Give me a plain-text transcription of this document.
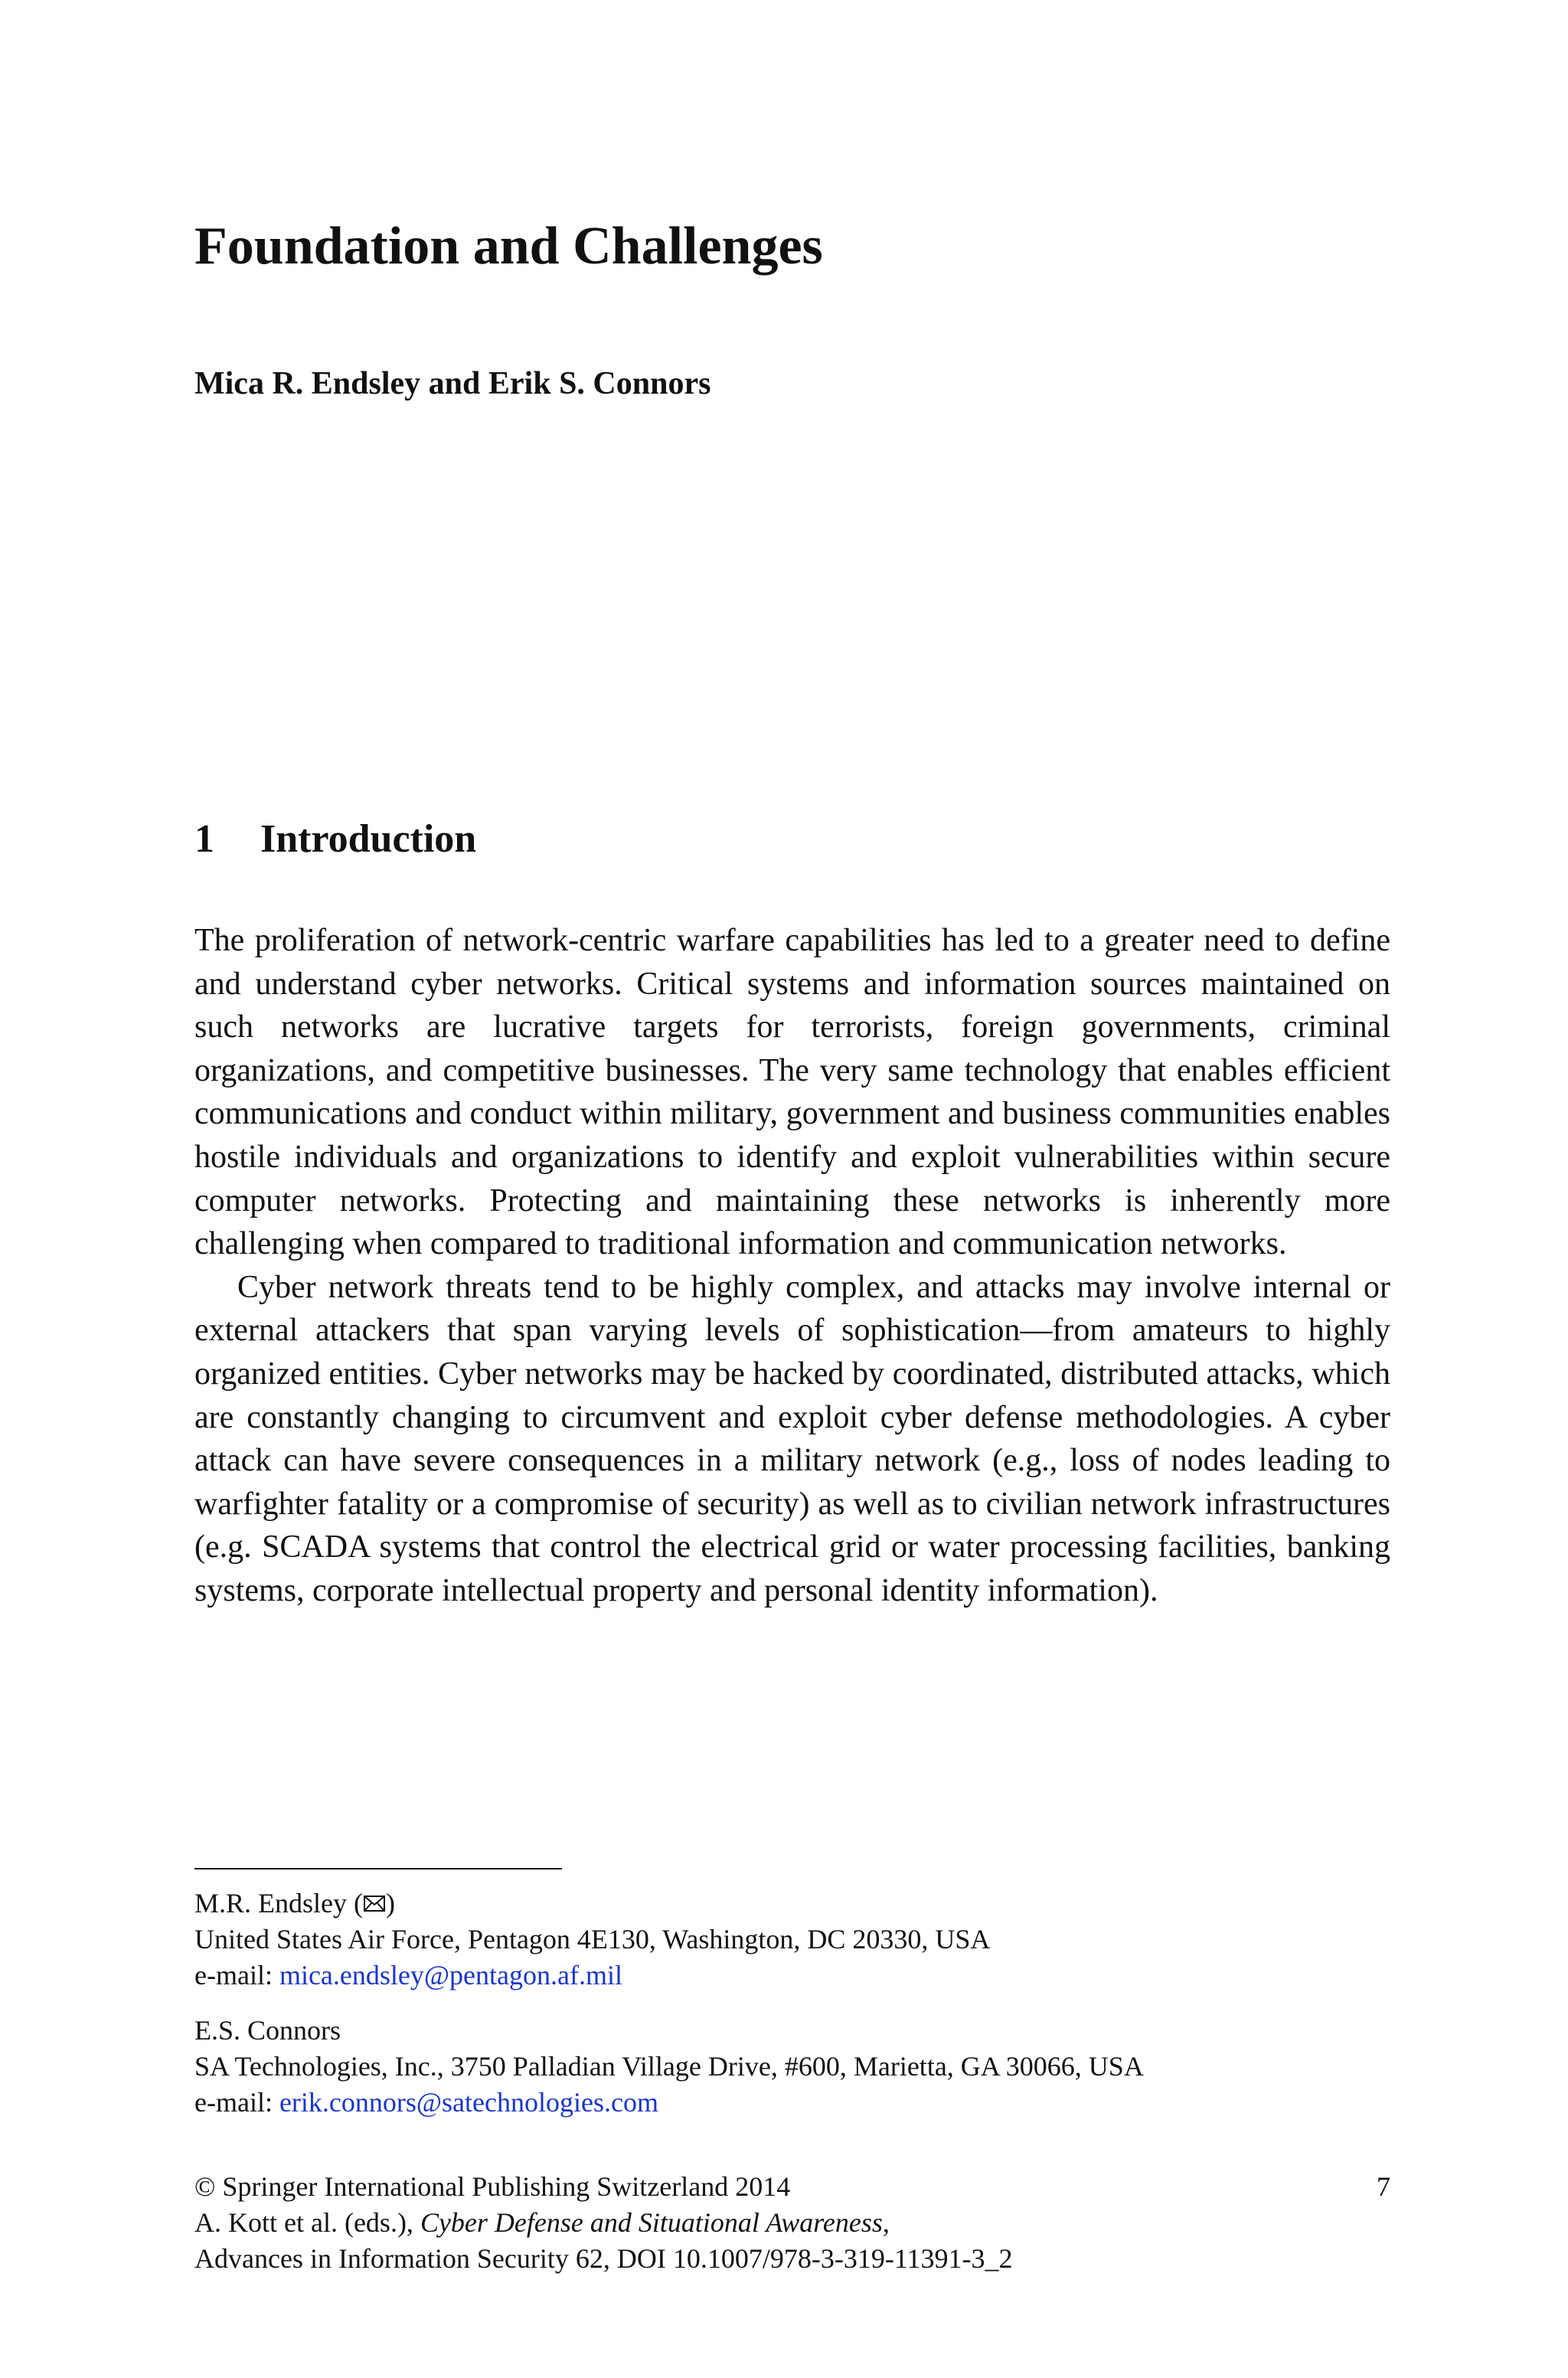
Foundation and Challenges
Mica R. Endsley and Erik S. Connors
1 Introduction

The proliferation of network-centric warfare capabilities has led to a greater need to define and understand cyber networks. Critical systems and information sources maintained on such networks are lucrative targets for terrorists, foreign governments, criminal organizations, and competitive businesses. The very same technology that enables efficient communications and conduct within military, government and business communities enables hostile individuals and organizations to identify and exploit vulnerabilities within secure computer networks. Protecting and maintaining these networks is inherently more challenging when compared to traditional information and communication networks.

Cyber network threats tend to be highly complex, and attacks may involve internal or external attackers that span varying levels of sophistication—from amateurs to highly organized entities. Cyber networks may be hacked by coordinated, distributed attacks, which are constantly changing to circumvent and exploit cyber defense methodologies. A cyber attack can have severe consequences in a military network (e.g., loss of nodes leading to warfighter fatality or a compromise of security) as well as to civilian network infrastructures (e.g. SCADA systems that control the electrical grid or water processing facilities, banking systems, corporate intellectual property and personal identity information).

M.R. Endsley ( )
United States Air Force, Pentagon 4E130, Washington, DC 20330, USA
e-mail: mica.endsley@pentagon.af.mil
E.S. Connors
SA Technologies, Inc., 3750 Palladian Village Drive, #600, Marietta, GA 30066, USA
e-mail: erik.connors@satechnologies.com
© Springer International Publishing Switzerland 2014
A. Kott et al. (eds.), Cyber Defense and Situational Awareness,
Advances in Information Security 62, DOI 10.1007/978-3-319-11391-3_2
7
